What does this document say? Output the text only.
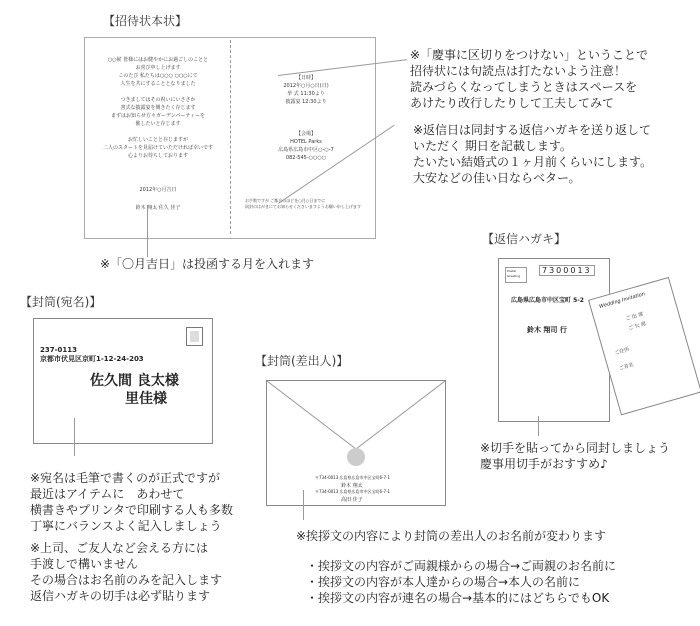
【招待状本状】
○○候 皆様にはお健やかにお過ごしのことと
お喜び申し上げます
このたび 私たちは○○○ ○○○にて
人生を共にすることとなりました

つきましてはその祝いにいささか
書式な披露宴を開きたく存じます
まずはお知らせ方々ガーデンパーティーを
催したいと存じます

お忙しいことと存じますが
二人のスタートを見届けていただければ幸いです
心よりお待ちしております
2012年○月吉日
鈴木 翔太 佐久 佳子
【日時】
2012年○月○日(日)
挙 式 11:30より
披露宴 12:30より
【会場】
HOTEL Parks
広島県広島市中区○-○-7
082-545-○○○○
お手数ですが ご都合のほどを○月○日までに
同封のはがきにてお知らせくださいますようお願い申し上げます
※「慶事に区切りをつけない」ということで
招待状には句読点は打たないよう注意！
読みづらくなってしまうときはスペースを
あけたり改行したりして工夫してみて
※返信日は同封する返信ハガキを送り返して
いただく 期日を記載します。
たいたい結婚式の１ヶ月前くらいにします。
大安などの佳い日ならベター。
※「〇月吉日」は投函する月を入れます
【封筒(宛名)】
237-0113
京都市伏見区京町1-12-24-203
佐久間 良太様
里佳様
※宛名は毛筆で書くのが正式ですが
最近はアイテムに　あわせて
横書きやプリンタで印刷する人も多数
丁寧にバランスよく記入しましょう
※上司、ご友人など会える方には
手渡しで構いません
その場合はお名前のみを記入します
返信ハガキの切手は必ず貼ります
【封筒(差出人)】
〒734-0013 広島県広島市中区宝町6-7-1
鈴木 翔太
〒734-0013 広島県広島市中区宝町6-7-1
高田 佳子
※挨拶文の内容により封筒の差出人のお名前が変わります
・挨拶文の内容がご両親様からの場合→ご両親のお名前に
・挨拶文の内容が本人達からの場合→本人の名前に
・挨拶文の内容が連名の場合→基本的にはどちらでもOK
【返信ハガキ】
Postal
Greeting
7300013
広島県広島市中区宝町 5-2
鈴木 翔司 行
Wedding Invitation
ご 出 席
ご 欠 席
ご住所

ご芳名
※切手を貼ってから同封しましょう
慶事用切手がおすすめ♪
